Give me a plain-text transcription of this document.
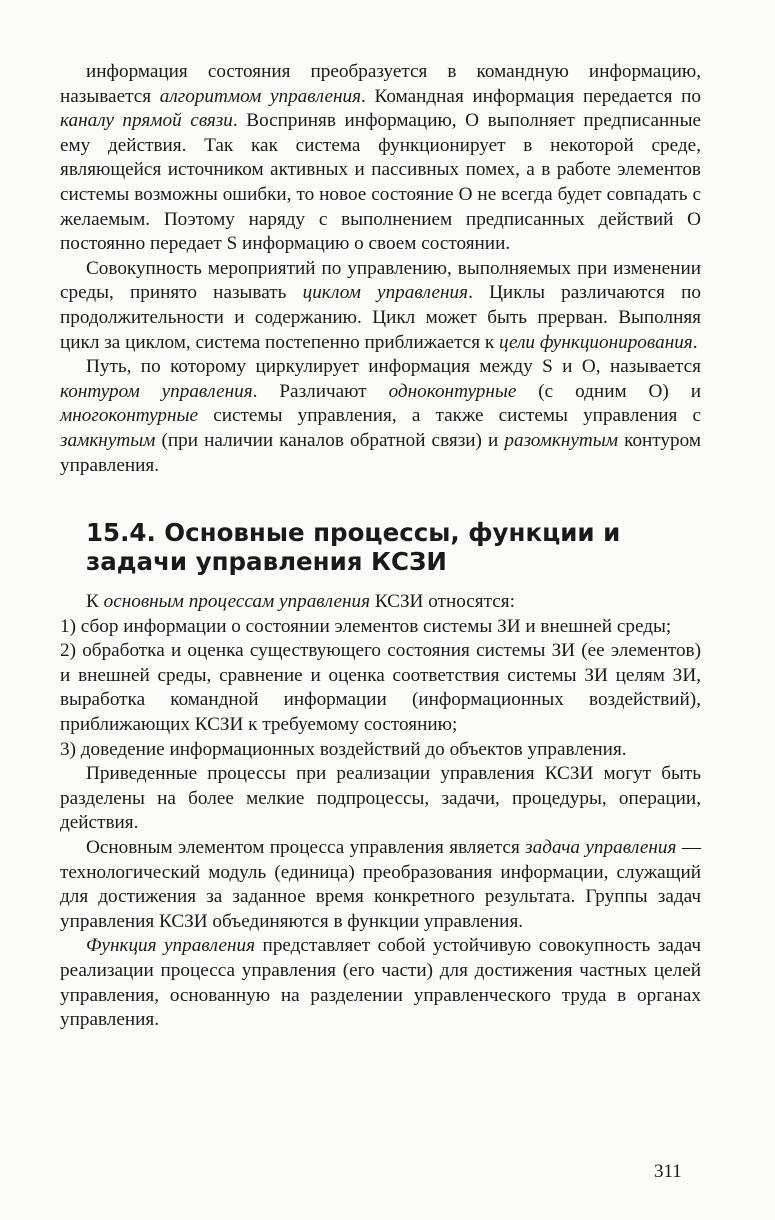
информация состояния преобразуется в командную информацию, называется алгоритмом управления. Командная информация передается по каналу прямой связи. Восприняв информацию, О выполняет предписанные ему действия. Так как система функционирует в некоторой среде, являющейся источником активных и пассивных помех, а в работе элементов системы возможны ошибки, то новое состояние О не всегда будет совпадать с желаемым. Поэтому наряду с выполнением предписанных действий О постоянно передает S информацию о своем состоянии.

Совокупность мероприятий по управлению, выполняемых при изменении среды, принято называть циклом управления. Циклы различаются по продолжительности и содержанию. Цикл может быть прерван. Выполняя цикл за циклом, система постепенно приближается к цели функционирования.

Путь, по которому циркулирует информация между S и О, называется контуром управления. Различают одноконтурные (с одним О) и многоконтурные системы управления, а также системы управления с замкнутым (при наличии каналов обратной связи) и разомкнутым контуром управления.

15.4. Основные процессы, функции и задачи управления КСЗИ

К основным процессам управления КСЗИ относятся:

1) сбор информации о состоянии элементов системы ЗИ и внешней среды;

2) обработка и оценка существующего состояния системы ЗИ (ее элементов) и внешней среды, сравнение и оценка соответствия системы ЗИ целям ЗИ, выработка командной информации (информационных воздействий), приближающих КСЗИ к требуемому состоянию;

3) доведение информационных воздействий до объектов управления.

Приведенные процессы при реализации управления КСЗИ могут быть разделены на более мелкие подпроцессы, задачи, процедуры, операции, действия.

Основным элементом процесса управления является задача управления — технологический модуль (единица) преобразования информации, служащий для достижения за заданное время конкретного результата. Группы задач управления КСЗИ объединяются в функции управления.

Функция управления представляет собой устойчивую совокупность задач реализации процесса управления (его части) для достижения частных целей управления, основанную на разделении управленческого труда в органах управления.

311
